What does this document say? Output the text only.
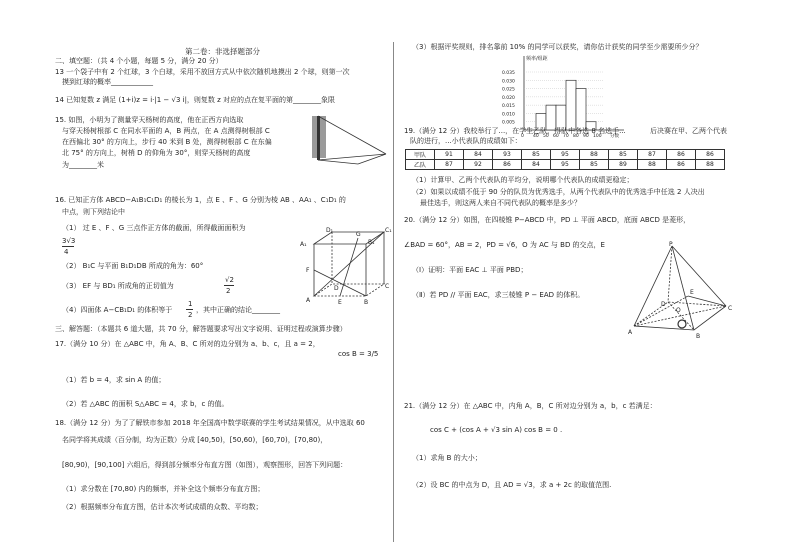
第二卷：非选择题部分
二、填空题：（共 4 个小题，每题 5 分，满分 20 分）
13 一个袋子中有 2 个红球，3 个白球，采用不放回方式从中依次随机地摸出 2 个球，则第一次
摸到红球的概率____________
14 已知复数 z 满足 (1+i)z = i·|1 − √3 i|，则复数 z 对应的点在复平面的第________象限
15. 如图，小明为了测量穿天杨树的高度，他在正西方向选取
与穿天杨树根部 C 在同水平面的 A，B 两点，在 A 点测得树根部 C
在西偏北 30° 的方向上，步行 40 米到 B 处，测得树根部 C 在东偏
北 75° 的方向上，树梢 D 的仰角为 30°，则穿天杨树的高度
为________米
16. 已知正方体 ABCD−A₁B₁C₁D₁ 的棱长为 1，点 E 、F 、G 分别为棱 AB 、AA₁ 、C₁D₁ 的
中点，则下列结论中
（1） 过 E 、F 、G 三点作正方体的截面，所得截面面积为
3√3
4
（2） B₁C 与平面 B₁D₁DB 所成的角为：60°
（3） EF 与 BD₁ 所成角的正切值为
√2
2
（4）四面体 A−CB₁D₁ 的体积等于
1
2
，其中正确的结论________
A₁	B₁
C₁
D₁
A	B
C
D
E
F
G
三、解答题：（本题共 6 道大题，共 70 分，解答题要求写出文字说明、证明过程或演算步骤）
17.（满分 10 分）在 △ABC 中，角 A、B、C 所对的边分别为 a、b、c，且 a = 2，
cos B = 3/5
（1）若 b = 4，求 sin A 的值；
（2）若 △ABC 的面积 S△ABC = 4，求 b，c 的值。
18.（满分 12 分）为了了解铁市参加 2018 年全国高中数学联赛的学生考试结果情况，从中选取 60
名同学将其成绩（百分制，均为正数）分成 [40,50)，[50,60)，[60,70)，[70,80)，
[80,90)，[90,100] 六组后，得到部分频率分布直方图（如图），观察图形，回答下列问题：
（1）求分数在 [70,80) 内的频率，并补全这个频率分布直方图；
（2）根据频率分布直方图，估计本次考试成绩的众数、平均数；
（3）根据评奖规则，排名靠前 10% 的同学可以获奖，请你估计获奖的同学至少需要所少分？
频率/组距
0.035
0.030
0.025
0.020
0.015
0.010
0.005
0 40 50 60 70 80 90 100 分数
19.（满分 12 分）我校举行了...，在学生乙队，得队中各选 8 名选手...	后决赛在甲、乙两个代表
队的进行，...小代表队的成绩如下：
甲队	91	84	93	85	95	88	85	87	86	86
乙队	87	92	86	84	95	85	89	88	86	88
（1）计算甲、乙两个代表队的平均分，说明哪个代表队的成绩更稳定；
（2）如果以成绩不低于 90 分的队员为优秀选手，从两个代表队中的优秀选手中任选 2 人决出
最佳选手，则这两人来自不同代表队的概率是多少？
20.（满分 12 分）如图，在四棱锥 P−ABCD 中，PD ⊥ 平面 ABCD，底面 ABCD 是菱形，
∠BAD = 60°，AB = 2，PD = √6，O 为 AC 与 BD 的交点，E
（Ⅰ）证明：平面 EAC ⊥ 平面 PBD；
（Ⅱ）若 PD // 平面 EAC，求三棱锥 P − EAD 的体积。
P
A
B
C
D
O
E
21.（满分 12 分）在 △ABC 中，内角 A，B，C 所对边分别为 a，b，c 若满足：
cos C + (cos A + √3 sin A) cos B = 0 .
（1）求角 B 的大小；
（2）设 BC 的中点为 D，且 AD = √3，求 a + 2c 的取值范围.
